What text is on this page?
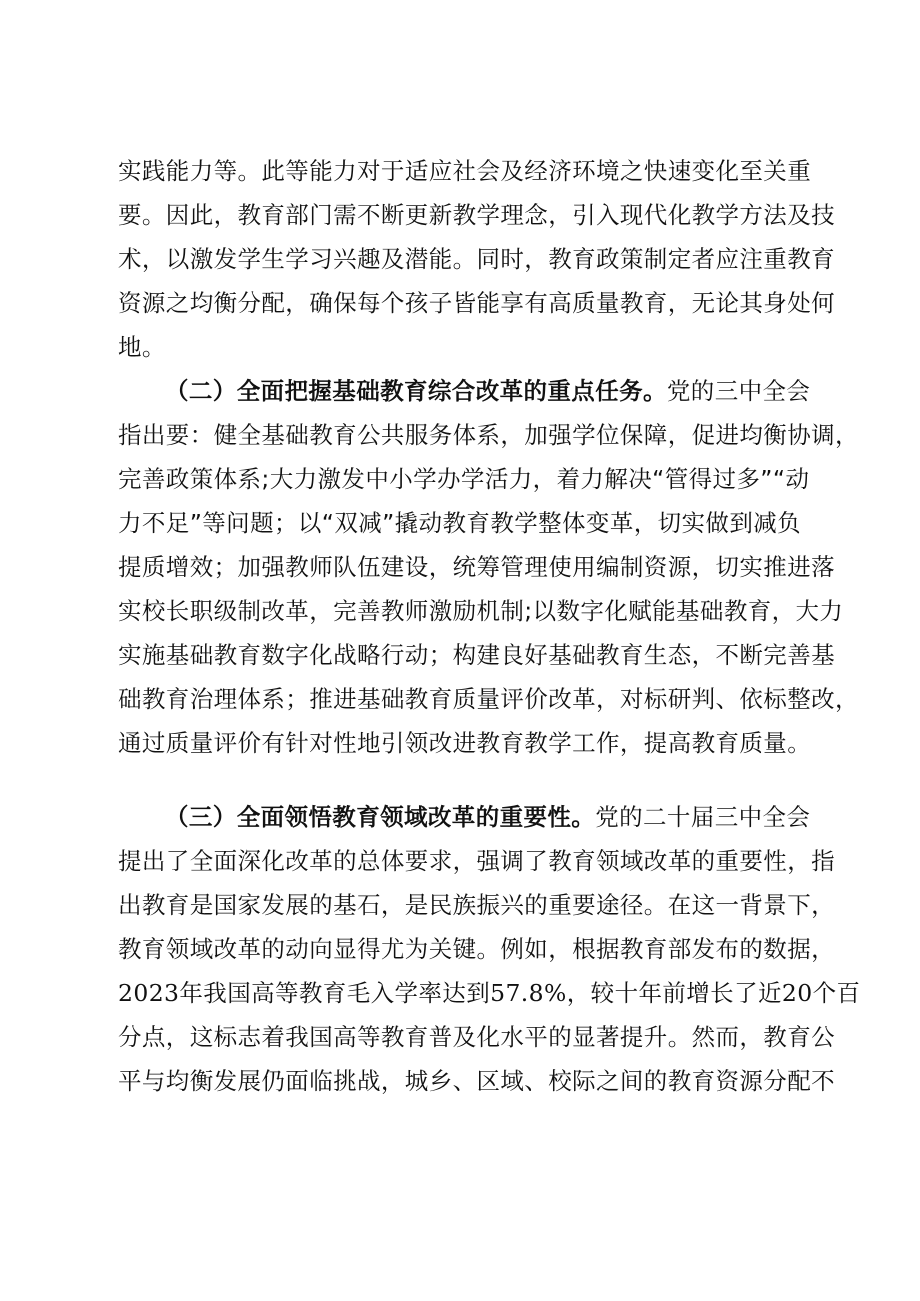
实践能力等。此等能力对于适应社会及经济环境之快速变化至关重
要。因此，教育部门需不断更新教学理念，引入现代化教学方法及技
术，以激发学生学习兴趣及潜能。同时，教育政策制定者应注重教育
资源之均衡分配，确保每个孩子皆能享有高质量教育，无论其身处何
地。
（二）全面把握基础教育综合改革的重点任务。党的三中全会
指出要：健全基础教育公共服务体系，加强学位保障，促进均衡协调，
完善政策体系;大力激发中小学办学活力，着力解决“管得过多”“动
力不足”等问题；以“双减”撬动教育教学整体变革，切实做到减负
提质增效；加强教师队伍建设，统筹管理使用编制资源，切实推进落
实校长职级制改革，完善教师激励机制;以数字化赋能基础教育，大力
实施基础教育数字化战略行动；构建良好基础教育生态，不断完善基
础教育治理体系；推进基础教育质量评价改革，对标研判、依标整改，
通过质量评价有针对性地引领改进教育教学工作，提高教育质量。
（三）全面领悟教育领域改革的重要性。党的二十届三中全会
提出了全面深化改革的总体要求，强调了教育领域改革的重要性，指
出教育是国家发展的基石，是民族振兴的重要途径。在这一背景下，
教育领域改革的动向显得尤为关键。例如，根据教育部发布的数据，
2023年我国高等教育毛入学率达到57.8%，较十年前增长了近20个百
分点，这标志着我国高等教育普及化水平的显著提升。然而，教育公
平与均衡发展仍面临挑战，城乡、区域、校际之间的教育资源分配不
